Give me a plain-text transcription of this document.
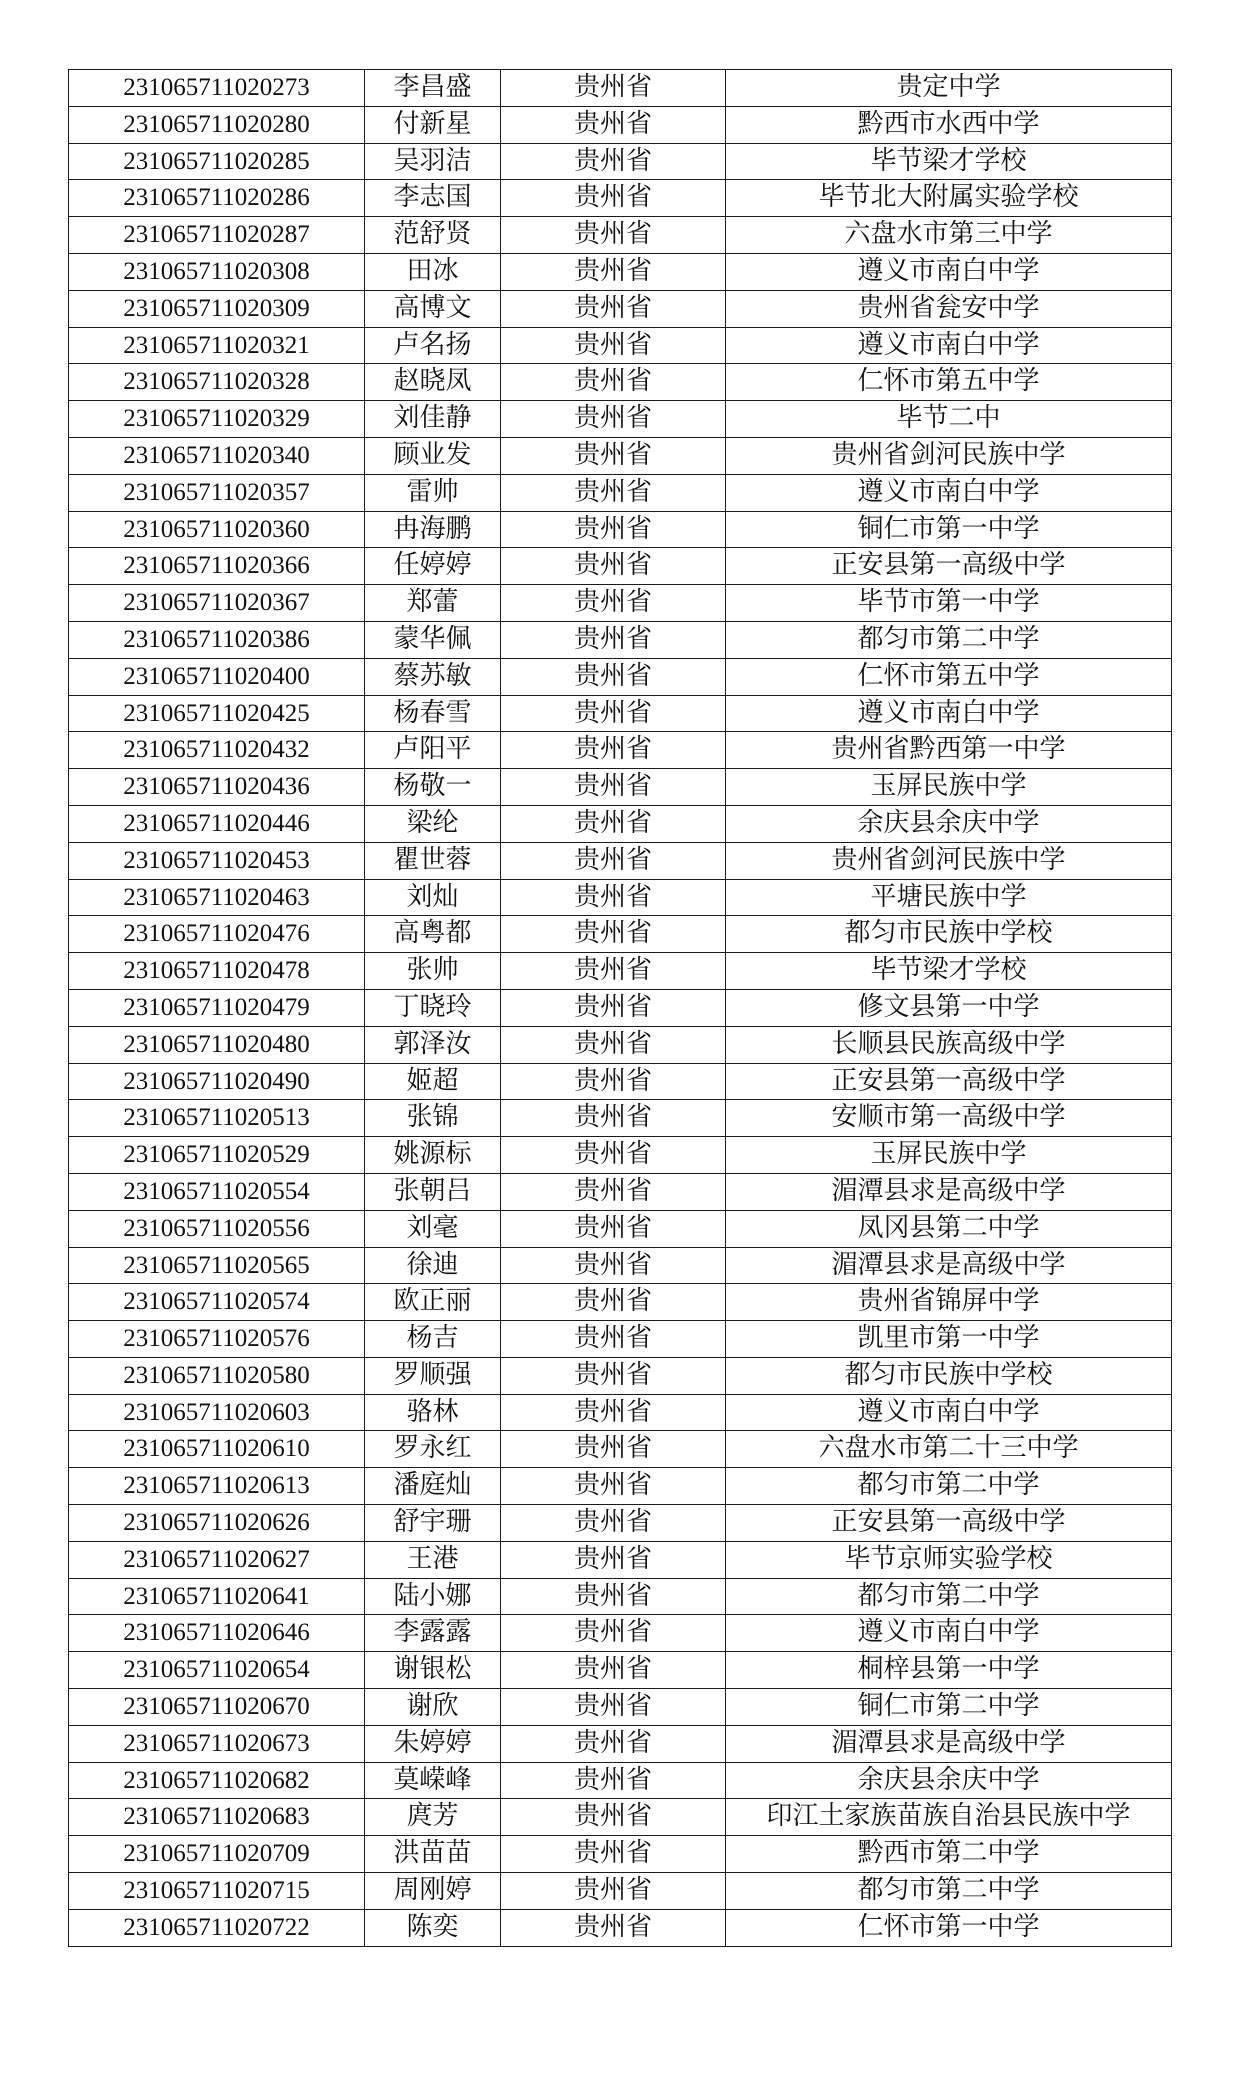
231065711020273	李昌盛	贵州省	贵定中学
231065711020280	付新星	贵州省	黔西市水西中学
231065711020285	吴羽洁	贵州省	毕节梁才学校
231065711020286	李志国	贵州省	毕节北大附属实验学校
231065711020287	范舒贤	贵州省	六盘水市第三中学
231065711020308	田冰	贵州省	遵义市南白中学
231065711020309	高博文	贵州省	贵州省瓮安中学
231065711020321	卢名扬	贵州省	遵义市南白中学
231065711020328	赵晓凤	贵州省	仁怀市第五中学
231065711020329	刘佳静	贵州省	毕节二中
231065711020340	顾业发	贵州省	贵州省剑河民族中学
231065711020357	雷帅	贵州省	遵义市南白中学
231065711020360	冉海鹏	贵州省	铜仁市第一中学
231065711020366	任婷婷	贵州省	正安县第一高级中学
231065711020367	郑蕾	贵州省	毕节市第一中学
231065711020386	蒙华佩	贵州省	都匀市第二中学
231065711020400	蔡苏敏	贵州省	仁怀市第五中学
231065711020425	杨春雪	贵州省	遵义市南白中学
231065711020432	卢阳平	贵州省	贵州省黔西第一中学
231065711020436	杨敬一	贵州省	玉屏民族中学
231065711020446	梁纶	贵州省	余庆县余庆中学
231065711020453	瞿世蓉	贵州省	贵州省剑河民族中学
231065711020463	刘灿	贵州省	平塘民族中学
231065711020476	高粤都	贵州省	都匀市民族中学校
231065711020478	张帅	贵州省	毕节梁才学校
231065711020479	丁晓玲	贵州省	修文县第一中学
231065711020480	郭泽汝	贵州省	长顺县民族高级中学
231065711020490	姬超	贵州省	正安县第一高级中学
231065711020513	张锦	贵州省	安顺市第一高级中学
231065711020529	姚源标	贵州省	玉屏民族中学
231065711020554	张朝吕	贵州省	湄潭县求是高级中学
231065711020556	刘毫	贵州省	凤冈县第二中学
231065711020565	徐迪	贵州省	湄潭县求是高级中学
231065711020574	欧正丽	贵州省	贵州省锦屏中学
231065711020576	杨吉	贵州省	凯里市第一中学
231065711020580	罗顺强	贵州省	都匀市民族中学校
231065711020603	骆林	贵州省	遵义市南白中学
231065711020610	罗永红	贵州省	六盘水市第二十三中学
231065711020613	潘庭灿	贵州省	都匀市第二中学
231065711020626	舒宇珊	贵州省	正安县第一高级中学
231065711020627	王港	贵州省	毕节京师实验学校
231065711020641	陆小娜	贵州省	都匀市第二中学
231065711020646	李露露	贵州省	遵义市南白中学
231065711020654	谢银松	贵州省	桐梓县第一中学
231065711020670	谢欣	贵州省	铜仁市第二中学
231065711020673	朱婷婷	贵州省	湄潭县求是高级中学
231065711020682	莫嵘峰	贵州省	余庆县余庆中学
231065711020683	庹芳	贵州省	印江土家族苗族自治县民族中学
231065711020709	洪苗苗	贵州省	黔西市第二中学
231065711020715	周刚婷	贵州省	都匀市第二中学
231065711020722	陈奕	贵州省	仁怀市第一中学
